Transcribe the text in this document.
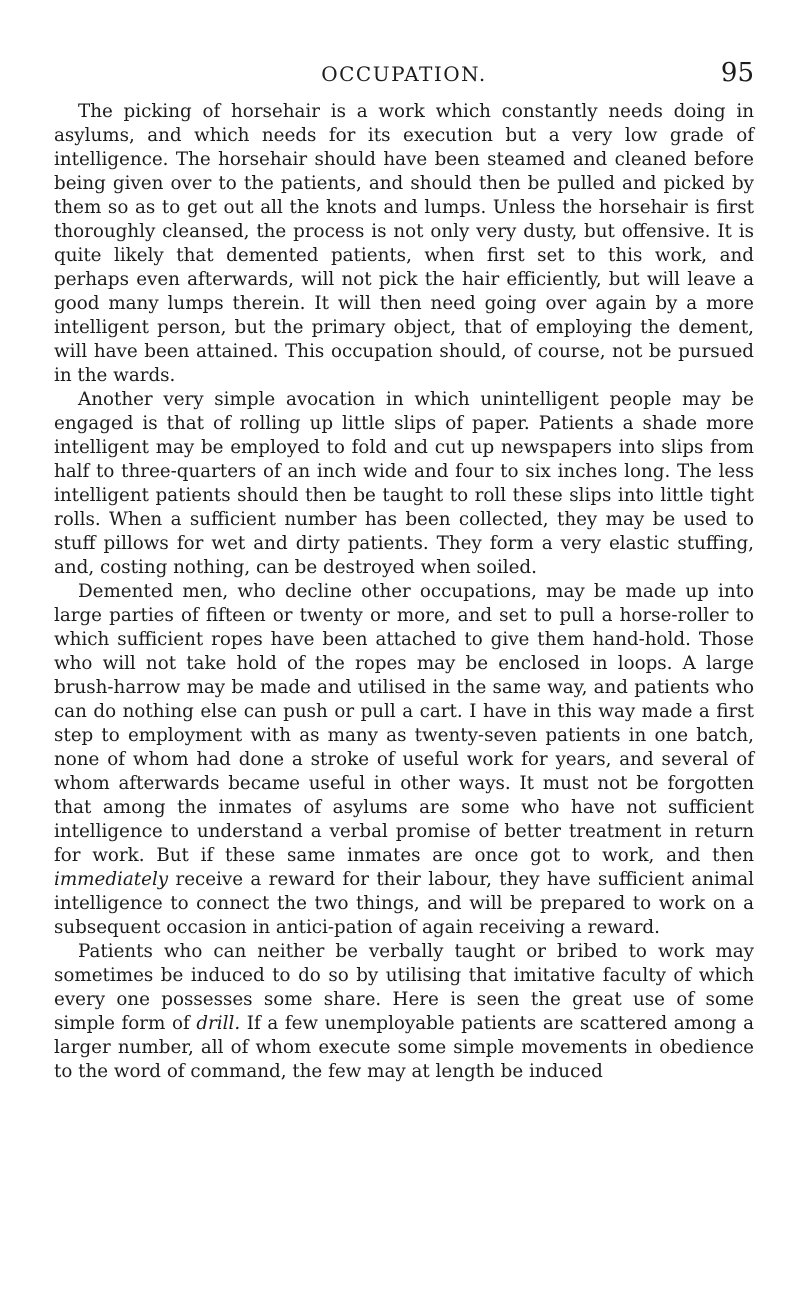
OCCUPATION.	95

The picking of horsehair is a work which constantly needs doing in asylums, and which needs for its execution but a very low grade of intelligence. The horsehair should have been steamed and cleaned before being given over to the patients, and should then be pulled and picked by them so as to get out all the knots and lumps. Unless the horsehair is first thoroughly cleansed, the process is not only very dusty, but offensive. It is quite likely that demented patients, when first set to this work, and perhaps even afterwards, will not pick the hair efficiently, but will leave a good many lumps therein. It will then need going over again by a more intelligent person, but the primary object, that of employing the dement, will have been attained. This occupation should, of course, not be pursued in the wards.

Another very simple avocation in which unintelligent people may be engaged is that of rolling up little slips of paper. Patients a shade more intelligent may be employed to fold and cut up newspapers into slips from half to three-quarters of an inch wide and four to six inches long. The less intelligent patients should then be taught to roll these slips into little tight rolls. When a sufficient number has been collected, they may be used to stuff pillows for wet and dirty patients. They form a very elastic stuffing, and, costing nothing, can be destroyed when soiled.

Demented men, who decline other occupations, may be made up into large parties of fifteen or twenty or more, and set to pull a horse-roller to which sufficient ropes have been attached to give them hand-hold. Those who will not take hold of the ropes may be enclosed in loops. A large brush-harrow may be made and utilised in the same way, and patients who can do nothing else can push or pull a cart. I have in this way made a first step to employment with as many as twenty-seven patients in one batch, none of whom had done a stroke of useful work for years, and several of whom afterwards became useful in other ways. It must not be forgotten that among the inmates of asylums are some who have not sufficient intelligence to understand a verbal promise of better treatment in return for work. But if these same inmates are once got to work, and then immediately receive a reward for their labour, they have sufficient animal intelligence to connect the two things, and will be prepared to work on a subsequent occasion in antici-pation of again receiving a reward.

Patients who can neither be verbally taught or bribed to work may sometimes be induced to do so by utilising that imitative faculty of which every one possesses some share. Here is seen the great use of some simple form of drill. If a few unemployable patients are scattered among a larger number, all of whom execute some simple movements in obedience to the word of command, the few may at length be induced
